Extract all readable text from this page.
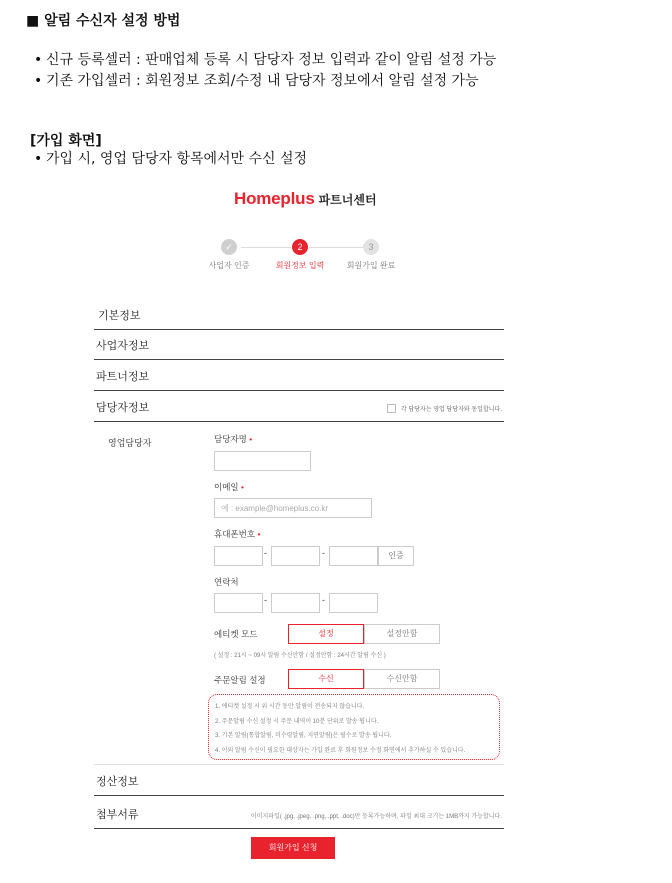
■ 알림 수신자 설정 방법
• 신규 등록셀러 : 판매업체 등록 시 담당자 정보 입력과 같이 알림 설정 가능
• 기존 가입셀러 : 회원정보 조회/수정 내 담당자 정보에서 알림 설정 가능
[가입 화면]
• 가입 시, 영업 담당자 항목에서만 수신 설정
Homeplus 파트너센터
✓
사업자 인증
2
회원정보 입력
3
회원가입 완료
기본정보
사업자정보
파트너정보
담당자정보	각 담당자는 영업 담당자와 동일합니다.
영업담당자	담당자명 •
이메일 •
예 : example@homeplus.co.kr
휴대폰번호 •
-	-	인증
연락처
-	-
에티켓 모드	설정	설정안함
( 설정 : 21시 ~ 09시 알림 수신안함 / 설정안함 : 24시간 알림 수신 )
주문알림 설정	수신	수신안함

1. 에티켓 설정 시 위 시간 동안 알림이 전송되지 않습니다.

2. 주문알림 수신 설정 시 주문 내역이 10분 단위로 발송 됩니다.

3. 기본 알림(통합알림, 미수령알림, 지연알림)은 필수로 발송 됩니다.

4. 이외 알림 수신이 필요한 대상자는 가입 완료 후 회원정보 수정 화면에서 추가하실 수 있습니다.

정산정보
첨부서류	이미지파일( .jpg, .jpeg, .png, .ppt, .doc)만 등록가능하며, 파일 최대 크기는 1MB까지 가능합니다.
회원가입 신청
